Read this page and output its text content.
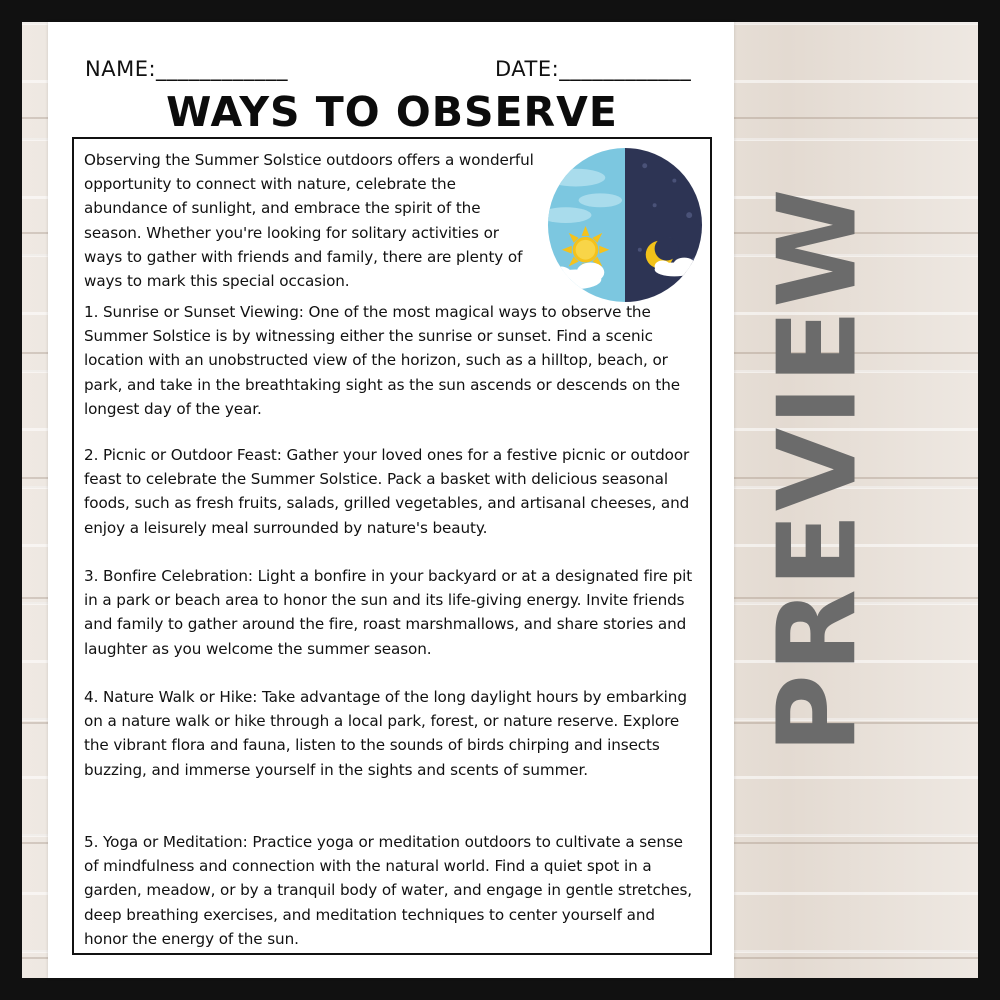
NAME:____________	DATE:____________
WAYS TO OBSERVE

Observing the Summer Solstice outdoors offers a wonderful opportunity to connect with nature, celebrate the abundance of sunlight, and embrace the spirit of the season. Whether you're looking for solitary activities or ways to gather with friends and family, there are plenty of ways to mark this special occasion.

1. Sunrise or Sunset Viewing: One of the most magical ways to observe the Summer Solstice is by witnessing either the sunrise or sunset. Find a scenic location with an unobstructed view of the horizon, such as a hilltop, beach, or park, and take in the breathtaking sight as the sun ascends or descends on the longest day of the year.

2. Picnic or Outdoor Feast: Gather your loved ones for a festive picnic or outdoor feast to celebrate the Summer Solstice. Pack a basket with delicious seasonal foods, such as fresh fruits, salads, grilled vegetables, and artisanal cheeses, and enjoy a leisurely meal surrounded by nature's beauty.

3. Bonfire Celebration: Light a bonfire in your backyard or at a designated fire pit in a park or beach area to honor the sun and its life-giving energy. Invite friends and family to gather around the fire, roast marshmallows, and share stories and laughter as you welcome the summer season.

4. Nature Walk or Hike: Take advantage of the long daylight hours by embarking on a nature walk or hike through a local park, forest, or nature reserve. Explore the vibrant flora and fauna, listen to the sounds of birds chirping and insects buzzing, and immerse yourself in the sights and scents of summer.

5. Yoga or Meditation: Practice yoga or meditation outdoors to cultivate a sense of mindfulness and connection with the natural world. Find a quiet spot in a garden, meadow, or by a tranquil body of water, and engage in gentle stretches, deep breathing exercises, and meditation techniques to center yourself and honor the energy of the sun.

PREVIEW
